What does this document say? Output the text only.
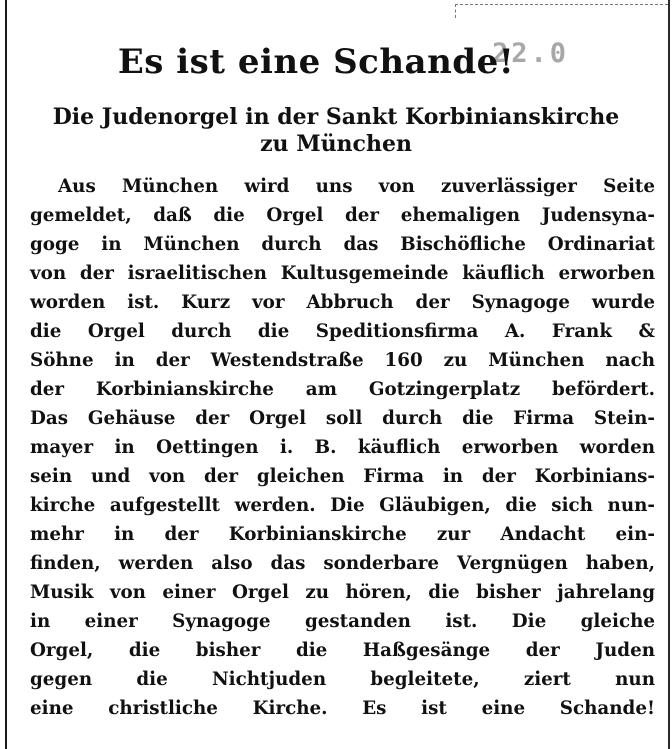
22.0
Es ist eine Schande!
Die Judenorgel in der Sankt Korbinianskirche
zu München
Aus München wird uns von zuverlässiger Seite
gemeldet, daß die Orgel der ehemaligen Judensyna-
goge in München durch das Bischöfliche Ordinariat
von der israelitischen Kultusgemeinde käuflich erworben
worden ist. Kurz vor Abbruch der Synagoge wurde
die Orgel durch die Speditionsfirma A. Frank &
Söhne in der Westendstraße 160 zu München nach
der Korbinianskirche am Gotzingerplatz befördert.
Das Gehäuse der Orgel soll durch die Firma Stein-
mayer in Oettingen i. B. käuflich erworben worden
sein und von der gleichen Firma in der Korbinians-
kirche aufgestellt werden. Die Gläubigen, die sich nun-
mehr in der Korbinianskirche zur Andacht ein-
finden, werden also das sonderbare Vergnügen haben,
Musik von einer Orgel zu hören, die bisher jahrelang
in einer Synagoge gestanden ist. Die gleiche
Orgel, die bisher die Haßgesänge der Juden
gegen die Nichtjuden begleitete, ziert nun
eine christliche Kirche. Es ist eine Schande!
